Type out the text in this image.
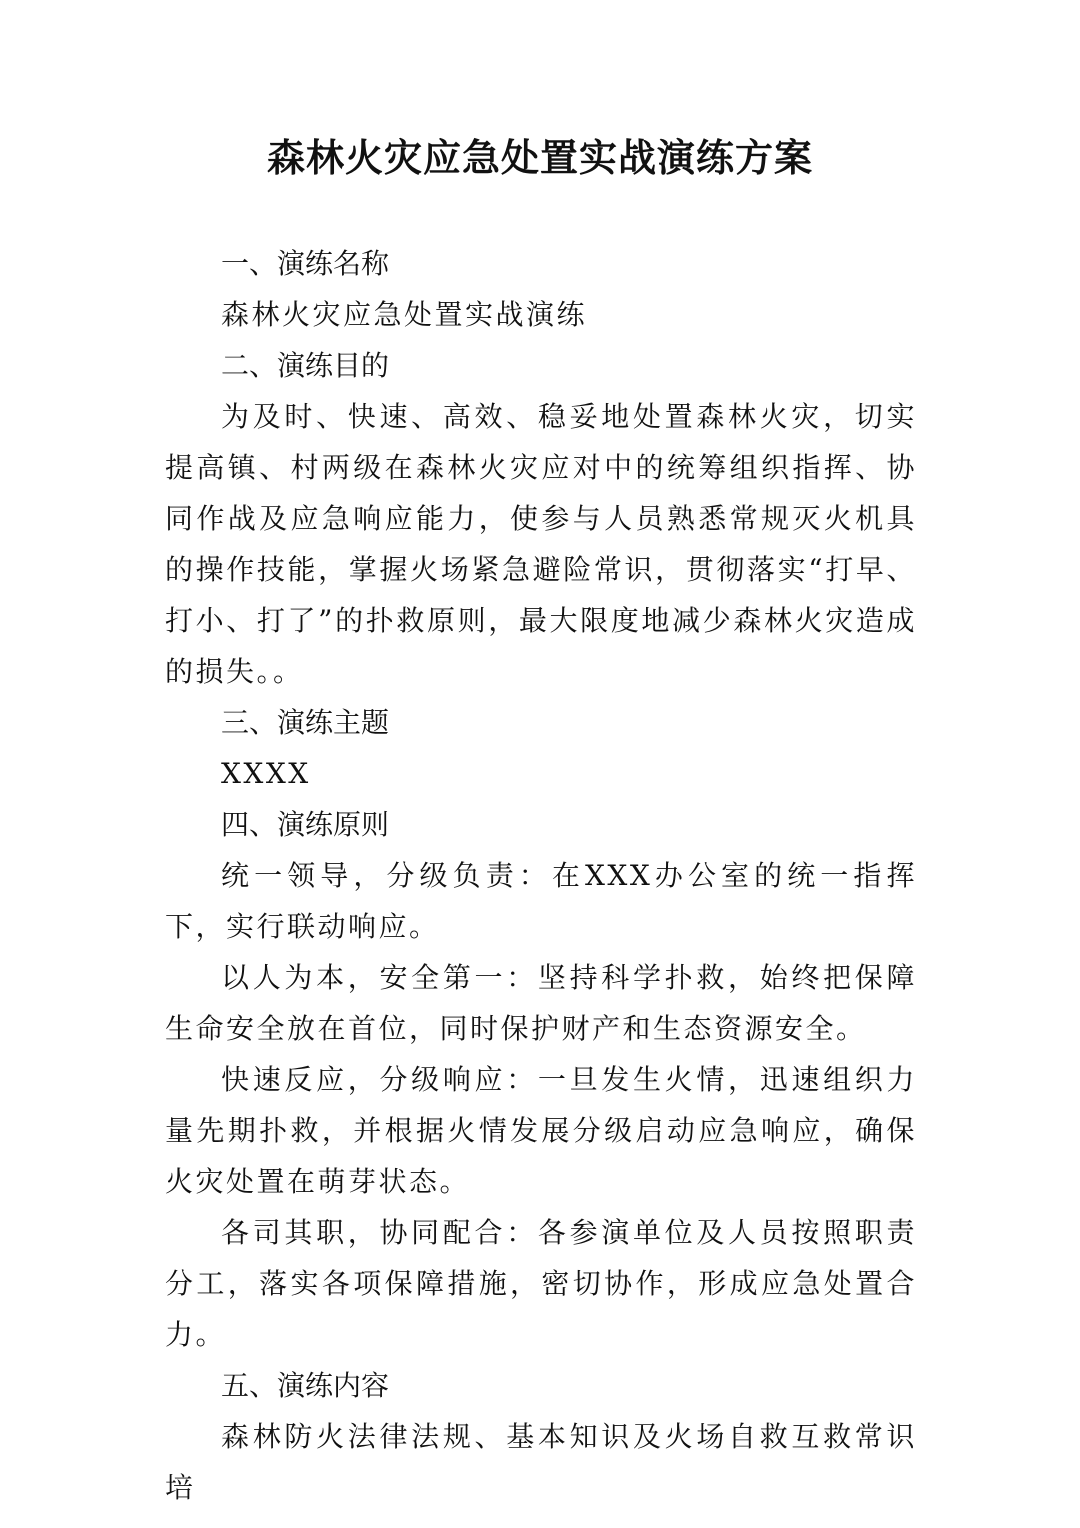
森林火灾应急处置实战演练方案

一、演练名称

森林火灾应急处置实战演练

二、演练目的

为及时、快速、高效、稳妥地处置森林火灾，切实提高镇、村两级在森林火灾应对中的统筹组织指挥、协同作战及应急响应能力，使参与人员熟悉常规灭火机具的操作技能，掌握火场紧急避险常识，贯彻落实“打早、打小、打了”的扑救原则，最大限度地减少森林火灾造成的损失。。

三、演练主题

XXXX

四、演练原则

统一领导，分级负责：在XXX办公室的统一指挥下，实行联动响应。

以人为本，安全第一：坚持科学扑救，始终把保障生命安全放在首位，同时保护财产和生态资源安全。

快速反应，分级响应：一旦发生火情，迅速组织力量先期扑救，并根据火情发展分级启动应急响应，确保火灾处置在萌芽状态。

各司其职，协同配合：各参演单位及人员按照职责分工，落实各项保障措施，密切协作，形成应急处置合力。

五、演练内容

森林防火法律法规、基本知识及火场自救互救常识培
